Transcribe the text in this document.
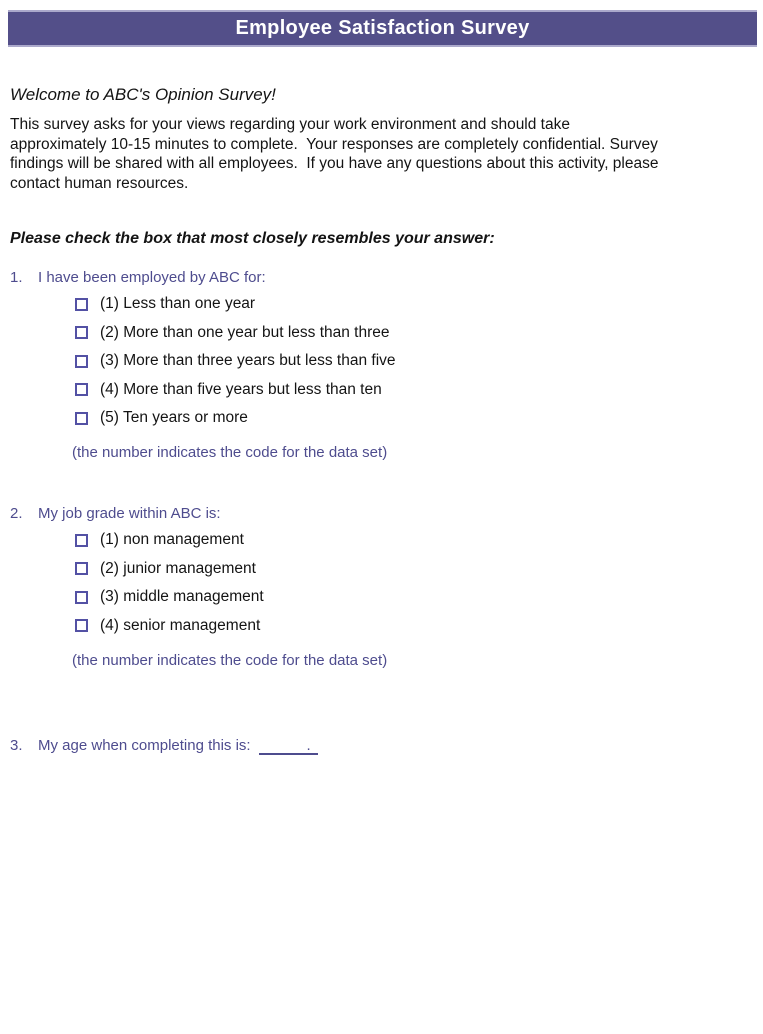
Employee Satisfaction Survey

Welcome to ABC's Opinion Survey!

This survey asks for your views regarding your work environment and should take
approximately 10-15 minutes to complete.  Your responses are completely confidential. Survey
findings will be shared with all employees.  If you have any questions about this activity, please
contact human resources.

Please check the box that most closely resembles your answer:

1.	I have been employed by ABC for:
(1) Less than one year
(2) More than one year but less than three
(3) More than three years but less than five
(4) More than five years but less than ten
(5) Ten years or more

(the number indicates the code for the data set)

2.	My job grade within ABC is:
(1) non management
(2) junior management
(3) middle management
(4) senior management

(the number indicates the code for the data set)

3.	My age when completing this is:	.
